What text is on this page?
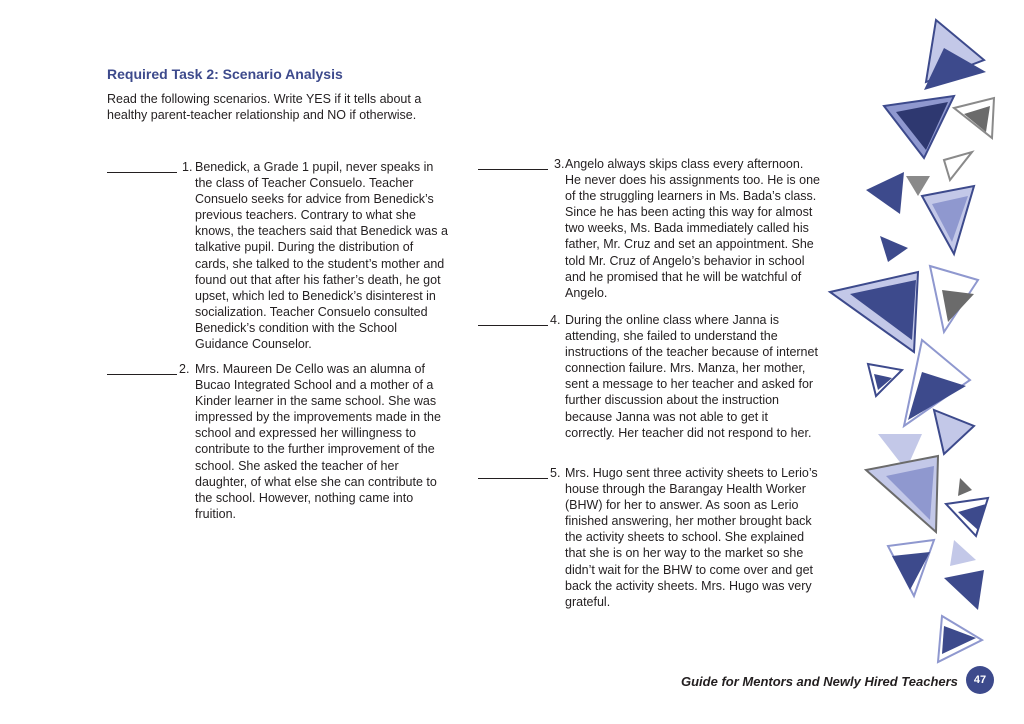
Required Task 2: Scenario Analysis
Read the following scenarios. Write YES if it tells about a healthy parent-teacher relationship and NO if otherwise.
1. Benedick, a Grade 1 pupil, never speaks in the class of Teacher Consuelo. Teacher Consuelo seeks for advice from Benedick’s previous teachers. Contrary to what she knows, the teachers said that Benedick was a talkative pupil. During the distribution of cards, she talked to the student’s mother and found out that after his father’s death, he got upset, which led to Benedick’s disinterest in socialization. Teacher Consuelo consulted Benedick’s condition with the School Guidance Counselor.
2. Mrs. Maureen De Cello was an alumna of Bucao Integrated School and a mother of a Kinder learner in the same school. She was impressed by the improvements made in the school and expressed her willingness to contribute to the further improvement of the school. She asked the teacher of her daughter, of what else she can contribute to the school. However, nothing came into fruition.
3. Angelo always skips class every afternoon. He never does his assignments too. He is one of the struggling learners in Ms. Bada’s class. Since he has been acting this way for almost two weeks, Ms. Bada immediately called his father, Mr. Cruz and set an appointment. She told Mr. Cruz of Angelo’s behavior in school and he promised that he will be watchful of Angelo.
4. During the online class where Janna is attending, she failed to understand the instructions of the teacher because of internet connection failure. Mrs. Manza, her mother, sent a message to her teacher and asked for further discussion about the instruction because Janna was not able to get it correctly. Her teacher did not respond to her.
5. Mrs. Hugo sent three activity sheets to Lerio’s house through the Barangay Health Worker (BHW) for her to answer. As soon as Lerio finished answering, her mother brought back the activity sheets to school. She explained that she is on her way to the market so she didn’t wait for the BHW to come over and get back the activity sheets. Mrs. Hugo was very grateful.
Guide for Mentors and Newly Hired Teachers	47
